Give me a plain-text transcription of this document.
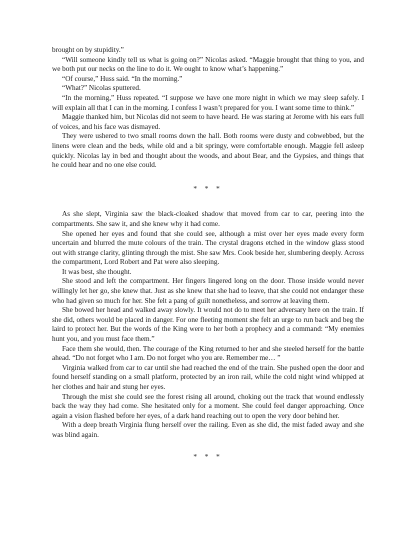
brought on by stupidity.”

“Will someone kindly tell us what is going on?” Nicolas asked. “Maggie brought that thing to you, and we both put our necks on the line to do it. We ought to know what’s happening.”

“Of course,” Huss said. “In the morning.”

“What?” Nicolas sputtered.

“In the morning,” Huss repeated. “I suppose we have one more night in which we may sleep safely. I will explain all that I can in the morning. I confess I wasn’t prepared for you. I want some time to think.”

Maggie thanked him, but Nicolas did not seem to have heard. He was staring at Jerome with his ears full of voices, and his face was dismayed.

They were ushered to two small rooms down the hall. Both rooms were dusty and cobwebbed, but the linens were clean and the beds, while old and a bit springy, were comfortable enough. Maggie fell asleep quickly. Nicolas lay in bed and thought about the woods, and about Bear, and the Gypsies, and things that he could hear and no one else could.

* * *

As she slept, Virginia saw the black-cloaked shadow that moved from car to car, peering into the compartments. She saw it, and she knew why it had come.

She opened her eyes and found that she could see, although a mist over her eyes made every form uncertain and blurred the mute colours of the train. The crystal dragons etched in the window glass stood out with strange clarity, glinting through the mist. She saw Mrs. Cook beside her, slumbering deeply. Across the compartment, Lord Robert and Pat were also sleeping.

It was best, she thought.

She stood and left the compartment. Her fingers lingered long on the door. Those inside would never willingly let her go, she knew that. Just as she knew that she had to leave, that she could not endanger these who had given so much for her. She felt a pang of guilt nonetheless, and sorrow at leaving them.

She bowed her head and walked away slowly. It would not do to meet her adversary here on the train. If she did, others would be placed in danger. For one fleeting moment she felt an urge to run back and beg the laird to protect her. But the words of the King were to her both a prophecy and a command: “My enemies hunt you, and you must face them.”

Face them she would, then. The courage of the King returned to her and she steeled herself for the battle ahead. “Do not forget who I am. Do not forget who you are. Remember me… ”

Virginia walked from car to car until she had reached the end of the train. She pushed open the door and found herself standing on a small platform, protected by an iron rail, while the cold night wind whipped at her clothes and hair and stung her eyes.

Through the mist she could see the forest rising all around, choking out the track that wound endlessly back the way they had come. She hesitated only for a moment. She could feel danger approaching. Once again a vision flashed before her eyes, of a dark hand reaching out to open the very door behind her.

With a deep breath Virginia flung herself over the railing. Even as she did, the mist faded away and she was blind again.

* * *
